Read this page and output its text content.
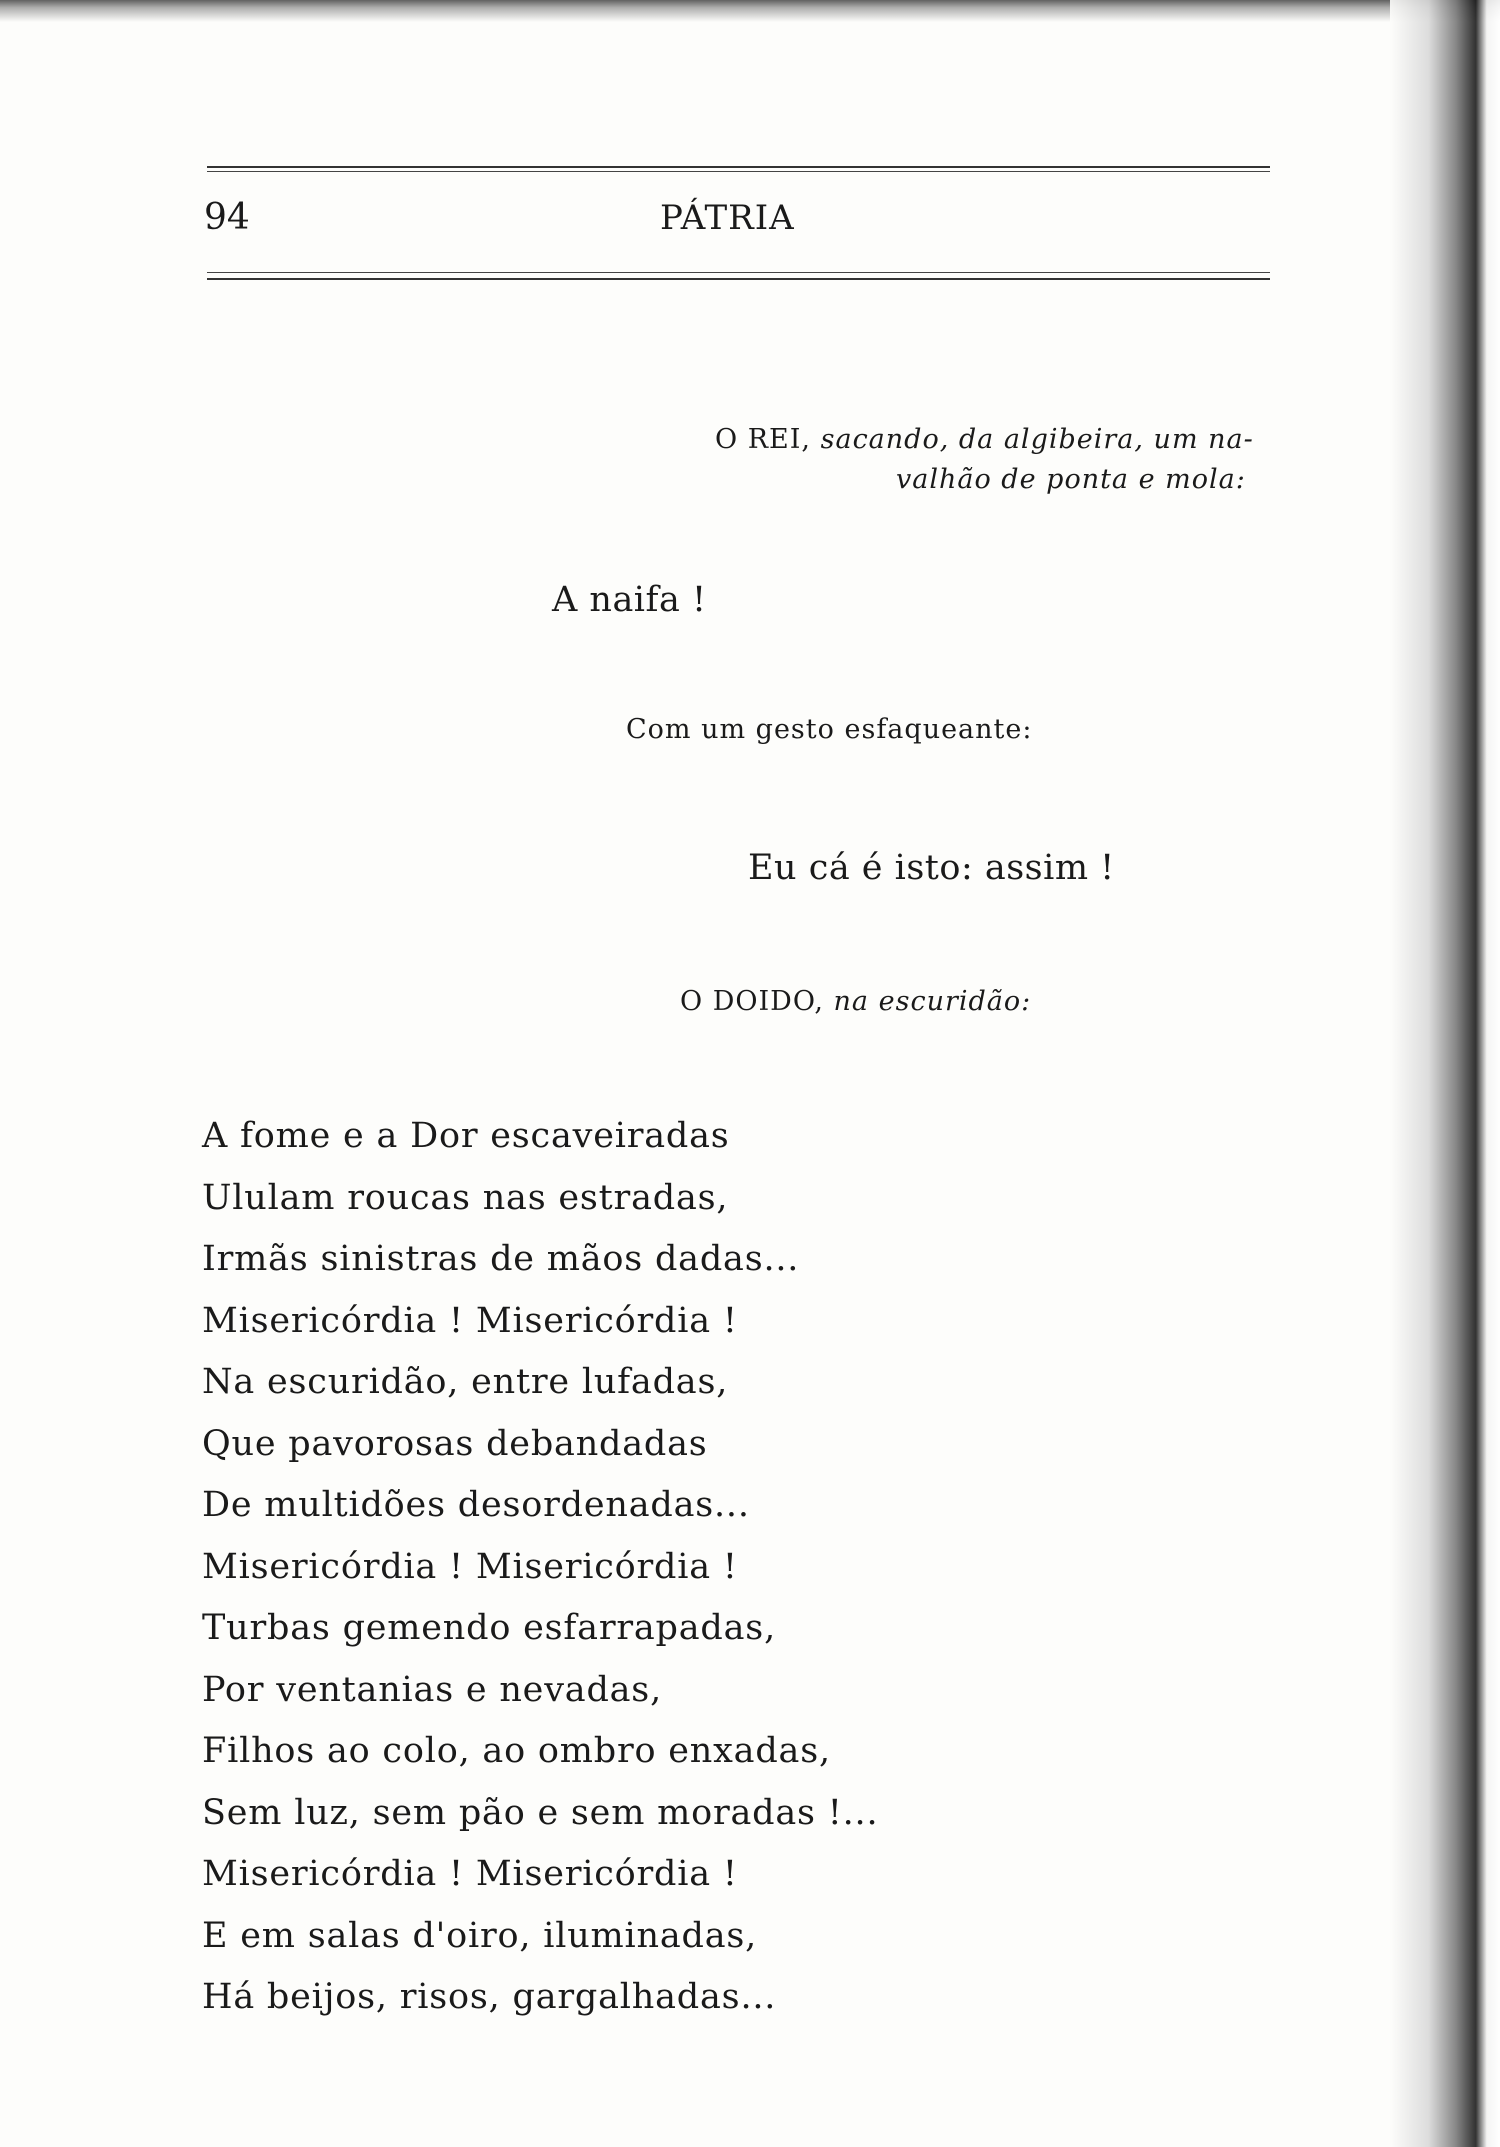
94	PÁTRIA
O REI, sacando, da algibeira, um na-
valhão de ponta e mola:
A naifa !
Com um gesto esfaqueante:
Eu cá é isto: assim !
O DOIDO, na escuridão:
A fome e a Dor escaveiradas
Ululam roucas nas estradas,
Irmãs sinistras de mãos dadas...
Misericórdia ! Misericórdia !
Na escuridão, entre lufadas,
Que pavorosas debandadas
De multidões desordenadas...
Misericórdia ! Misericórdia !
Turbas gemendo esfarrapadas,
Por ventanias e nevadas,
Filhos ao colo, ao ombro enxadas,
Sem luz, sem pão e sem moradas !...
Misericórdia ! Misericórdia !
E em salas d'oiro, iluminadas,
Há beijos, risos, gargalhadas...
